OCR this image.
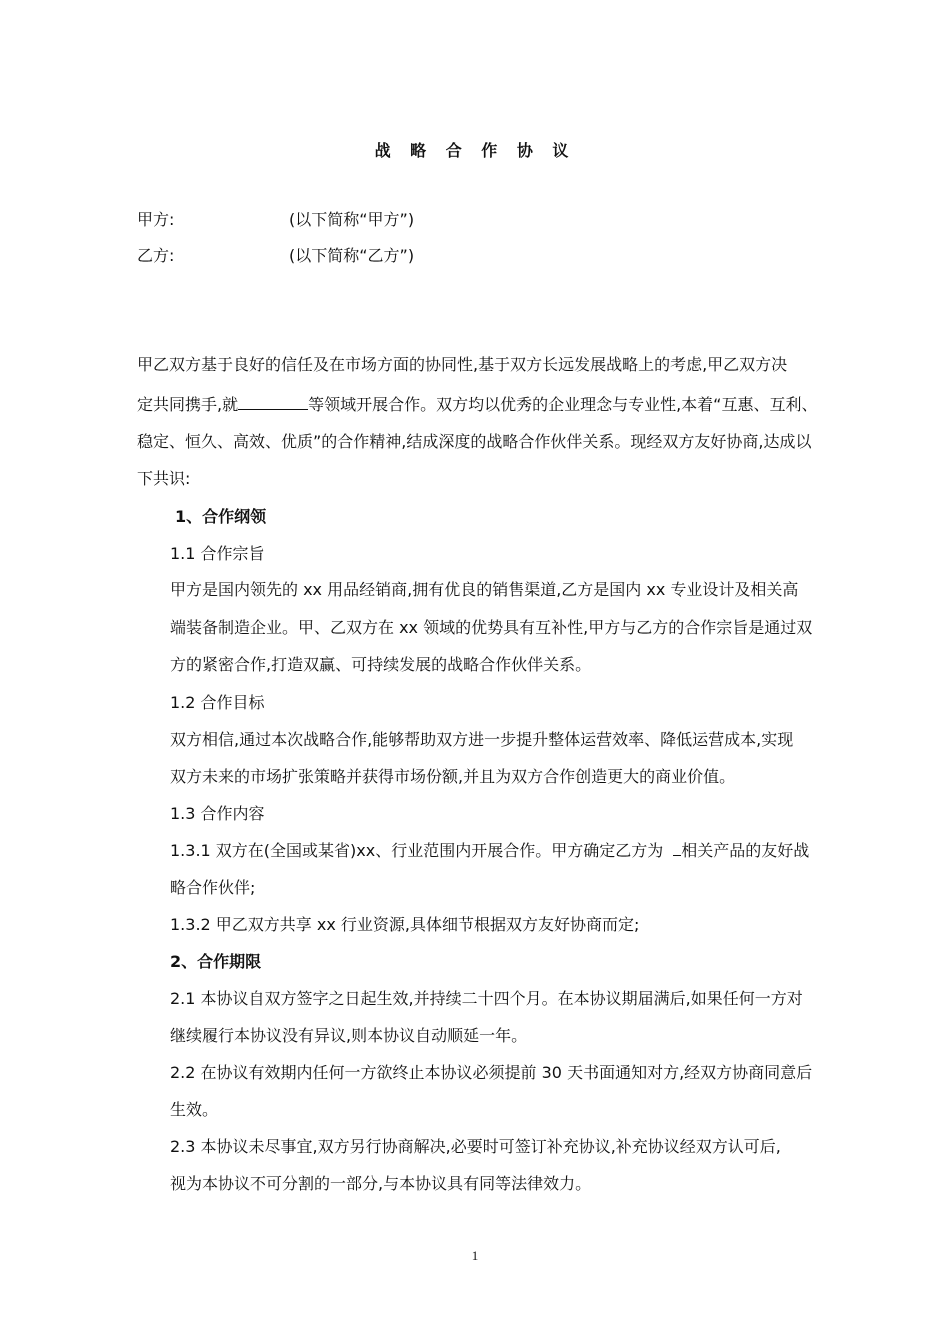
战 略 合 作 协 议
甲方:	(以下简称“甲方”)
乙方:	(以下简称“乙方”)
甲乙双方基于良好的信任及在市场方面的协同性,基于双方长远发展战略上的考虑,甲乙双方决
定共同携手,就	等领域开展合作。双方均以优秀的企业理念与专业性,本着“互惠、互利、
稳定、恒久、高效、优质”的合作精神,结成深度的战略合作伙伴关系。现经双方友好协商,达成以
下共识:
1、合作纲领
1.1 合作宗旨
甲方是国内领先的 xx 用品经销商,拥有优良的销售渠道,乙方是国内 xx 专业设计及相关高
端装备制造企业。甲、乙双方在 xx 领域的优势具有互补性,甲方与乙方的合作宗旨是通过双
方的紧密合作,打造双赢、可持续发展的战略合作伙伴关系。
1.2 合作目标
双方相信,通过本次战略合作,能够帮助双方进一步提升整体运营效率、降低运营成本,实现
双方未来的市场扩张策略并获得市场份额,并且为双方合作创造更大的商业价值。
1.3 合作内容
1.3.1 双方在(全国或某省)xx、行业范围内开展合作。甲方确定乙方为 相关产品的友好战
略合作伙伴;
1.3.2 甲乙双方共享 xx 行业资源,具体细节根据双方友好协商而定;
2、合作期限
2.1 本协议自双方签字之日起生效,并持续二十四个月。在本协议期届满后,如果任何一方对
继续履行本协议没有异议,则本协议自动顺延一年。
2.2 在协议有效期内任何一方欲终止本协议必须提前 30 天书面通知对方,经双方协商同意后
生效。
2.3 本协议未尽事宜,双方另行协商解决,必要时可签订补充协议,补充协议经双方认可后,
视为本协议不可分割的一部分,与本协议具有同等法律效力。
1
